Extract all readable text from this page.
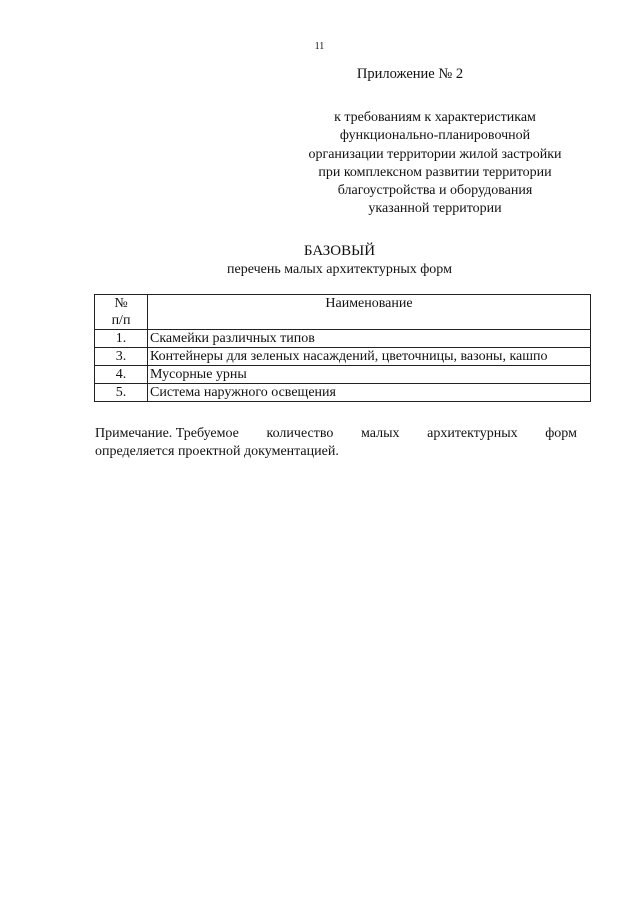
11
Приложение № 2
к требованиям к характеристикам
функционально-планировочной
организации территории жилой застройки
при комплексном развитии территории
благоустройства и оборудования
указанной территории
БАЗОВЫЙ
перечень малых архитектурных форм
№
п/п	Наименование
1.	Скамейки различных типов
3.	Контейнеры для зеленых насаждений, цветочницы, вазоны, кашпо
4.	Мусорные урны
5.	Система наружного освещения
Примечание. Требуемое количество малых архитектурных форм
определяется проектной документацией.
